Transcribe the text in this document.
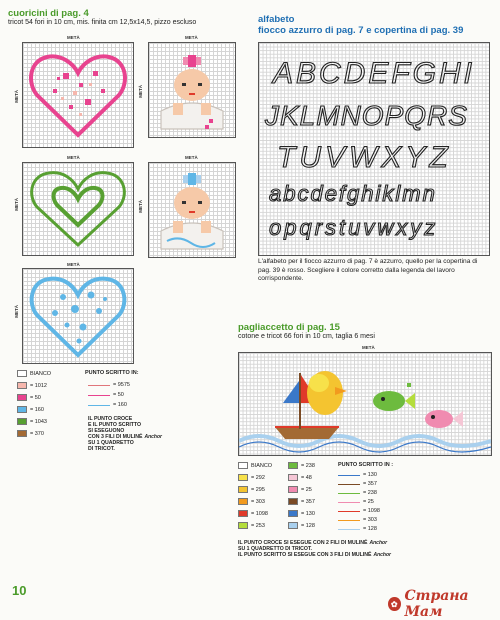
cuoricini di pag. 4
tricot 54 fori in 10 cm, mis. finita cm 12,5x14,5, pizzo escluso
METÀ
METÀ
METÀ
METÀ
METÀ
METÀ
METÀ
METÀ
METÀ
METÀ
BIANCO	PUNTO SCRITTO IN:
= 1012
= 50
= 160
= 1043
= 370
= 9575
= 50
= 160
IL PUNTO CROCE
E IL PUNTO SCRITTO
SI ESEGUONO
CON 3 FILI DI MULINÉ Anchor
SU 1 QUADRETTO
DI TRICOT.
alfabeto
fiocco azzurro di pag. 7 e copertina di pag. 39
ABCDEFGHI
JKLMNOPQRS
TUVWXYZ
abcdefghiklmn
opqrstuvwxyz
L'alfabeto per il fiocco azzurro di pag. 7 è azzurro, quello per la copertina di pag. 39 è rosso. Scegliere il colore corretto dalla legenda del lavoro corrispondente.
pagliaccetto di pag. 15
cotone e tricot 66 fori in 10 cm, taglia 6 mesi
METÀ
BIANCO	PUNTO SCRITTO IN :
= 292
= 295
= 303
= 1098
= 253
= 238
= 48
= 25
= 357
= 130
= 128
= 130
= 357
= 238
= 25
= 1098
= 303
= 128
IL PUNTO CROCE SI ESEGUE CON 2 FILI DI MULINÉ Anchor
SU 1 QUADRETTO DI TRICOT.
IL PUNTO SCRITTO SI ESEGUE CON 3 FILI DI MULINÉ Anchor
10
✿ Страна Мам
